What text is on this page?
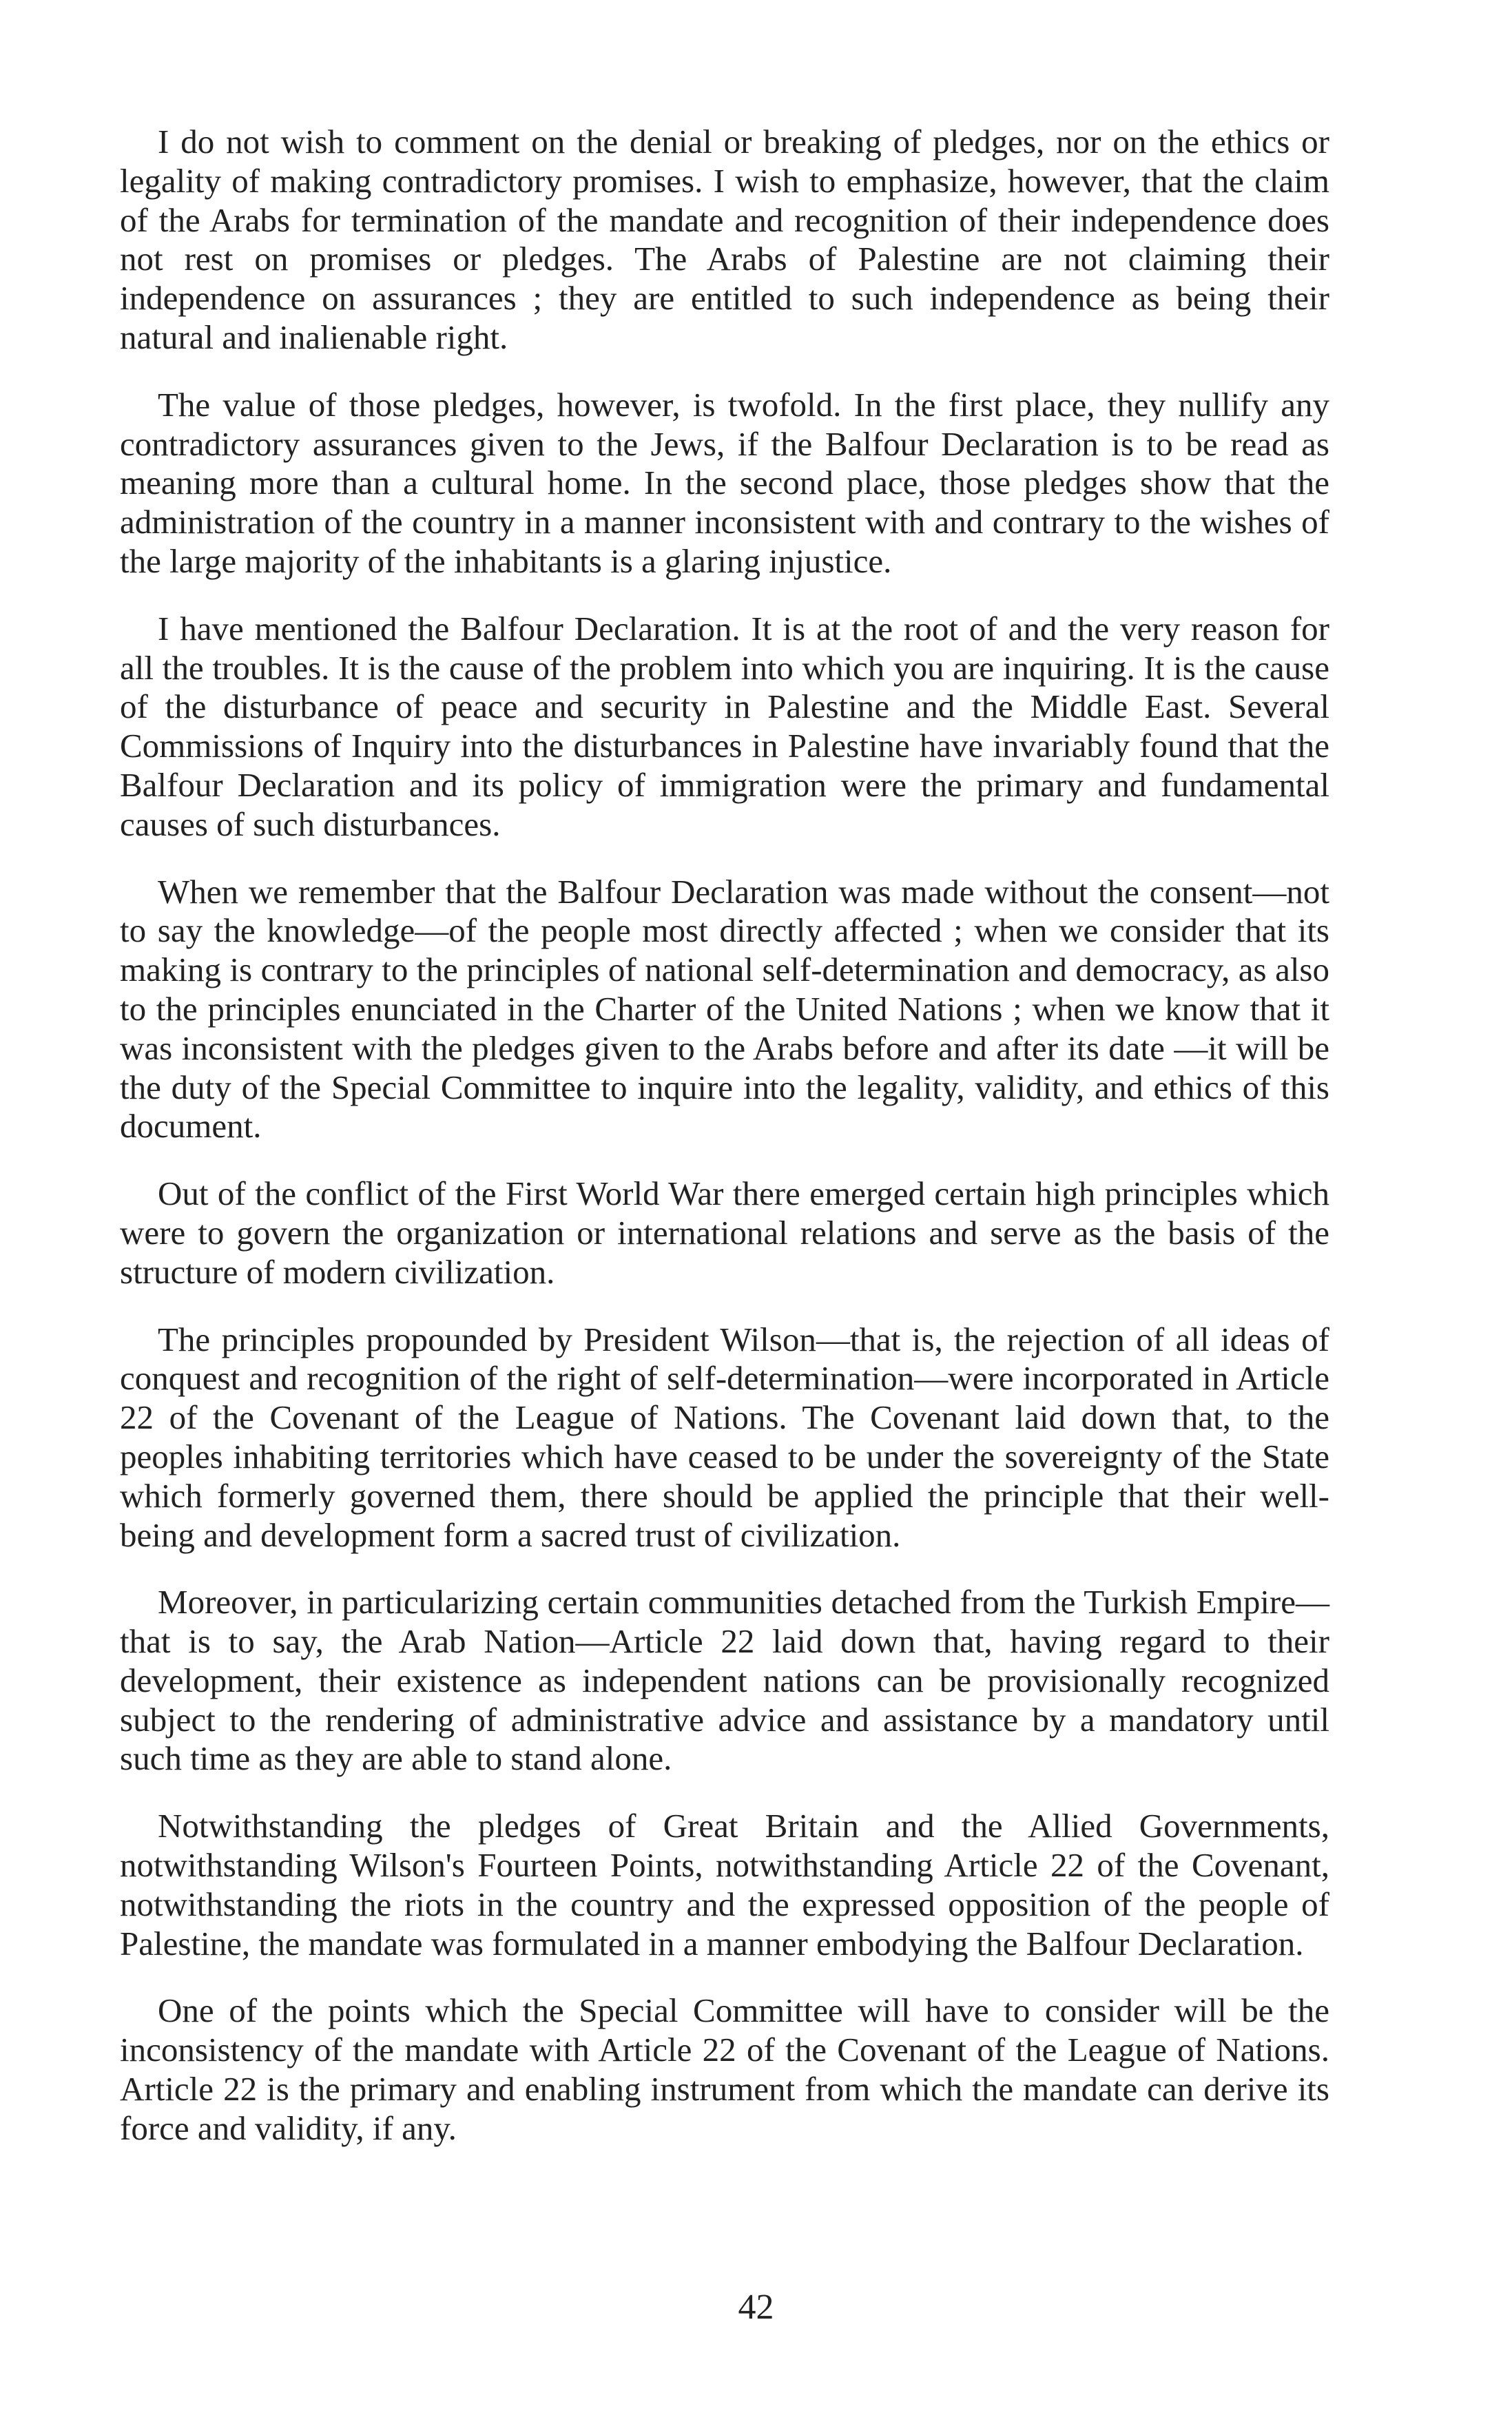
I do not wish to comment on the denial or breaking of pledges, nor on the ethics or legality of making contradictory promises. I wish to emphasize, however, that the claim of the Arabs for termination of the mandate and recognition of their independence does not rest on promises or pledges. The Arabs of Palestine are not claiming their independence on assurances ; they are entitled to such independence as being their natural and inalienable right.

The value of those pledges, however, is twofold. In the first place, they nullify any contradictory assurances given to the Jews, if the Balfour Declaration is to be read as meaning more than a cultural home. In the second place, those pledges show that the administration of the country in a manner inconsistent with and contrary to the wishes of the large majority of the inhabitants is a glaring injustice.

I have mentioned the Balfour Declaration. It is at the root of and the very reason for all the troubles. It is the cause of the problem into which you are inquiring. It is the cause of the disturbance of peace and security in Palestine and the Middle East. Several Commissions of Inquiry into the disturbances in Palestine have invariably found that the Balfour Declaration and its policy of immigration were the primary and fundamental causes of such disturbances.

When we remember that the Balfour Declaration was made without the consent—not to say the knowledge—of the people most directly affected ; when we consider that its making is contrary to the principles of national self-determination and democracy, as also to the principles enunciated in the Charter of the United Nations ; when we know that it was inconsistent with the pledges given to the Arabs before and after its date —it will be the duty of the Special Committee to inquire into the legality, validity, and ethics of this document.

Out of the conflict of the First World War there emerged certain high principles which were to govern the organization or international relations and serve as the basis of the structure of modern civilization.

The principles propounded by President Wilson—that is, the rejection of all ideas of conquest and recognition of the right of self-determination—were incorporated in Article 22 of the Covenant of the League of Nations. The Covenant laid down that, to the peoples inhabiting territories which have ceased to be under the sovereignty of the State which formerly governed them, there should be applied the principle that their well-being and development form a sacred trust of civilization.

Moreover, in particularizing certain communities detached from the Turkish Empire—that is to say, the Arab Nation—Article 22 laid down that, having regard to their development, their existence as independent nations can be provisionally recognized subject to the rendering of administrative advice and assistance by a mandatory until such time as they are able to stand alone.

Notwithstanding the pledges of Great Britain and the Allied Governments, notwithstanding Wilson's Fourteen Points, notwithstanding Article 22 of the Covenant, notwithstanding the riots in the country and the expressed opposition of the people of Palestine, the mandate was formulated in a manner embodying the Balfour Declaration.

One of the points which the Special Committee will have to consider will be the inconsistency of the mandate with Article 22 of the Covenant of the League of Nations. Article 22 is the primary and enabling instrument from which the mandate can derive its force and validity, if any.

42
